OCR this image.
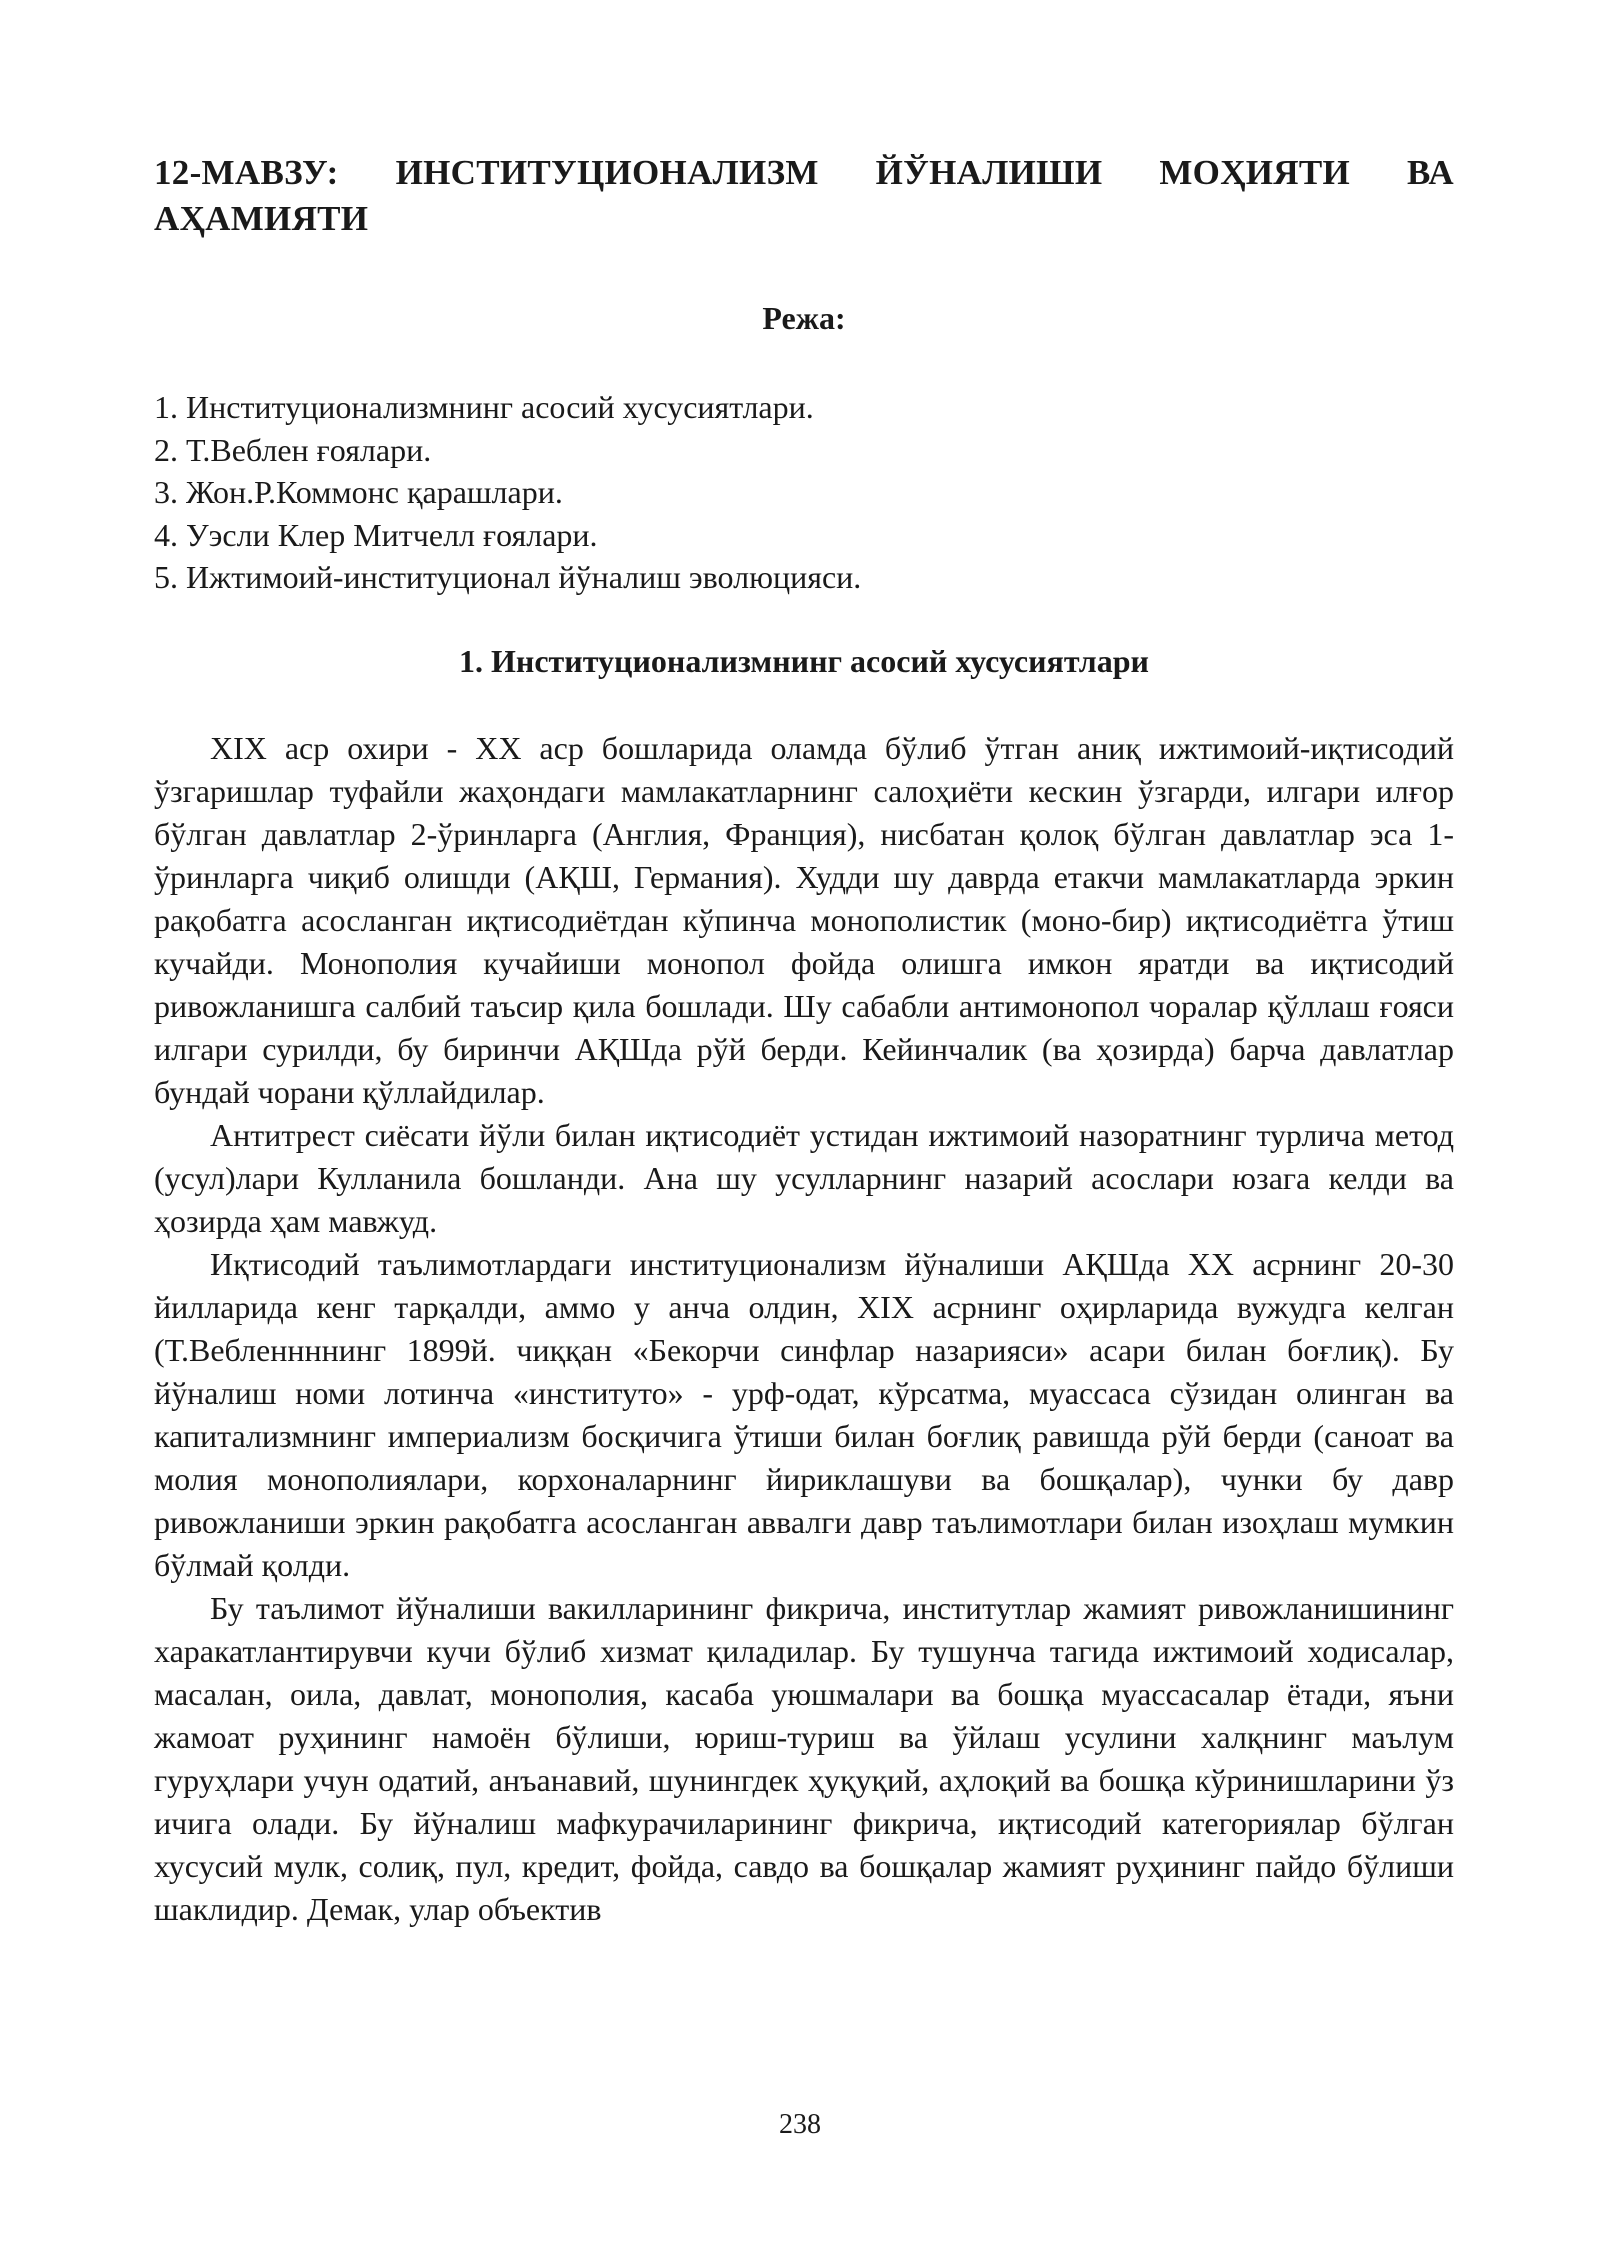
12-МАВЗУ: ИНСТИТУЦИОНАЛИЗМ ЙЎНАЛИШИ МОҲИЯТИ ВА АҲАМИЯТИ
Режа:
1. Институционализмнинг асосий хусусиятлари.
2. Т.Веблен ғоялари.
3. Жон.Р.Коммонс қарашлари.
4. Уэсли Клер Митчелл ғоялари.
5. Ижтимоий-институционал йўналиш эволюцияси.
1. Институционализмнинг асосий хусусиятлари

XIX аср охири - XX аср бошларида оламда бўлиб ўтган аниқ ижтимоий-иқтисодий ўзгаришлар туфайли жаҳондаги мамлакатларнинг салоҳиёти кескин ўзгарди, илгари илғор бўлган давлатлар 2-ўринларга (Англия, Франция), нисбатан қолоқ бўлган давлатлар эса 1-ўринларга чиқиб олишди (АҚШ, Германия). Худди шу даврда етакчи мамлакатларда эркин рақобатга асосланган иқтисодиётдан кўпинча монополистик (моно-бир) иқтисодиётга ўтиш кучайди. Монополия кучайиши монопол фойда олишга имкон яратди ва иқтисодий ривожланишга салбий таъсир қила бошлади. Шу сабабли антимонопол чоралар қўллаш ғояси илгари сурилди, бу биринчи АҚШда рўй берди. Кейинчалик (ва ҳозирда) барча давлатлар бундай чорани қўллайдилар.

Антитрест сиёсати йўли билан иқтисодиёт устидан ижтимоий назоратнинг турлича метод (усул)лари Кулланила бошланди. Ана шу усулларнинг назарий асослари юзага келди ва ҳозирда ҳам мавжуд.

Иқтисодий таълимотлардаги институционализм йўналиши АҚШда XX асрнинг 20-30 йилларида кенг тарқалди, аммо у анча олдин, XIX асрнинг оҳирларида вужудга келган (Т.Вебленнннинг 1899й. чиққан «Бекорчи синфлар назарияси» асари билан боғлиқ). Бу йўналиш номи лотинча «институто» - урф-одат, кўрсатма, муассаса сўзидан олинган ва капитализмнинг империализм босқичига ўтиши билан боғлиқ равишда рўй берди (саноат ва молия монополиялари, корхоналарнинг йириклашуви ва бошқалар), чунки бу давр ривожланиши эркин рақобатга асосланган аввалги давр таълимотлари билан изоҳлаш мумкин бўлмай қолди.

Бу таълимот йўналиши вакилларининг фикрича, институтлар жамият ривожланишининг харакатлантирувчи кучи бўлиб хизмат қиладилар. Бу тушунча тагида ижтимоий ходисалар, масалан, оила, давлат, монополия, касаба уюшмалари ва бошқа муассасалар ётади, яъни жамоат руҳининг намоён бўлиши, юриш-туриш ва ўйлаш усулини халқнинг маълум гуруҳлари учун одатий, анъанавий, шунингдек ҳуқуқий, аҳлоқий ва бошқа кўринишларини ўз ичига олади. Бу йўналиш мафкурачиларининг фикрича, иқтисодий категориялар бўлган хусусий мулк, солиқ, пул, кредит, фойда, савдо ва бошқалар жамият руҳининг пайдо бўлиши шаклидир. Демак, улар объектив

238
